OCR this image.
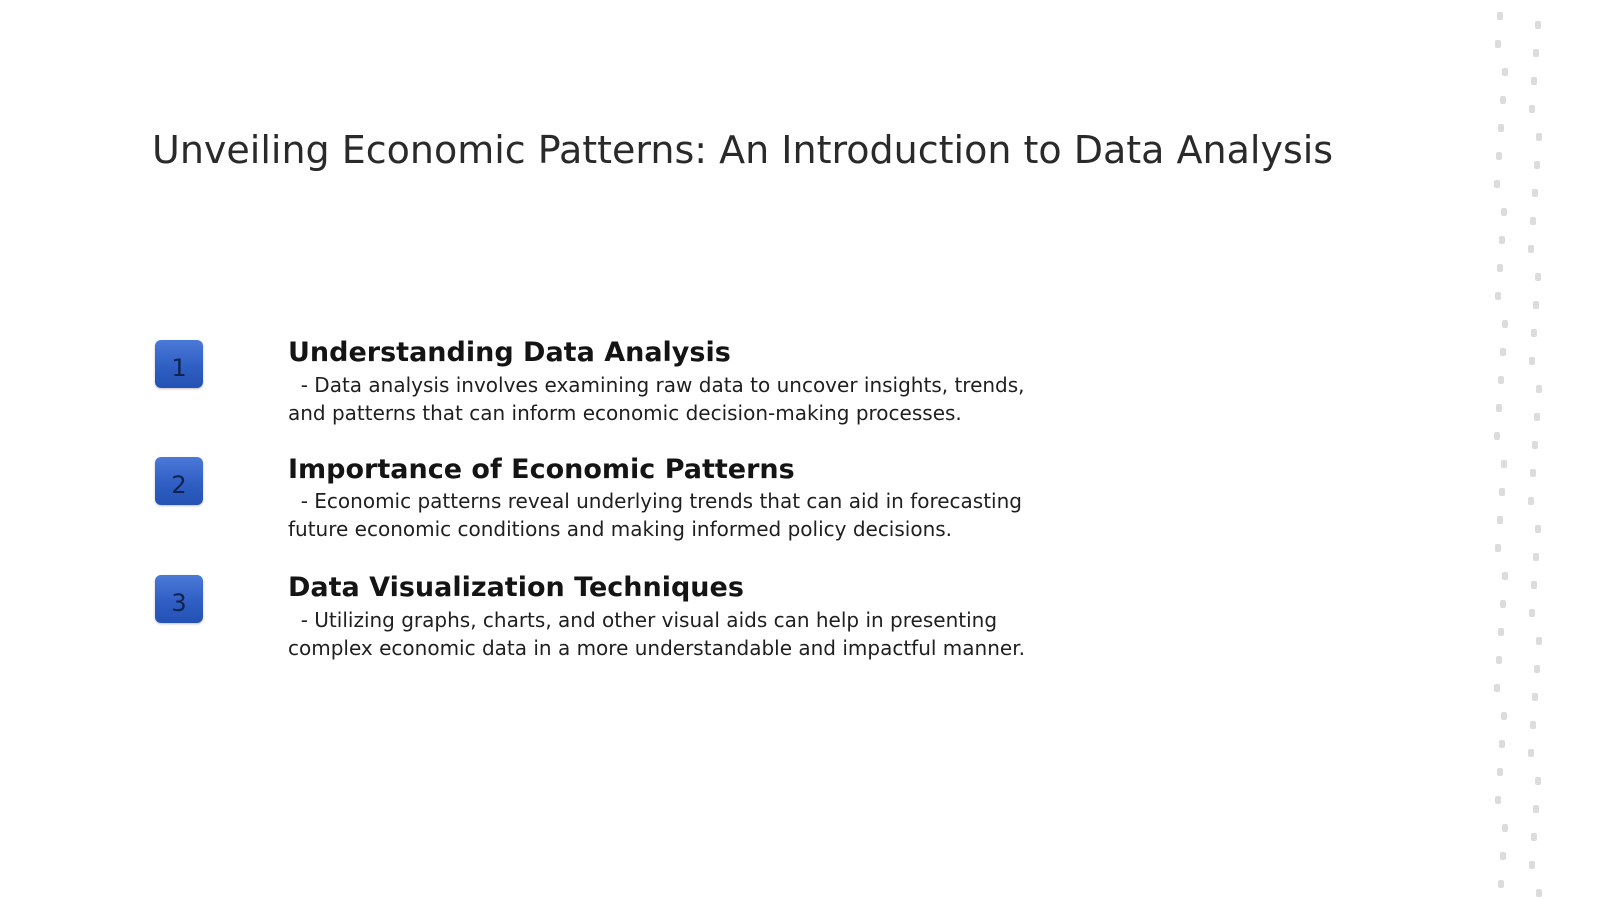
Unveiling Economic Patterns: An Introduction to Data Analysis
1	Understanding Data Analysis

- Data analysis involves examining raw data to uncover insights, trends,
and patterns that can inform economic decision-making processes.

2	Importance of Economic Patterns

- Economic patterns reveal underlying trends that can aid in forecasting
future economic conditions and making informed policy decisions.

3	Data Visualization Techniques

- Utilizing graphs, charts, and other visual aids can help in presenting
complex economic data in a more understandable and impactful manner.
